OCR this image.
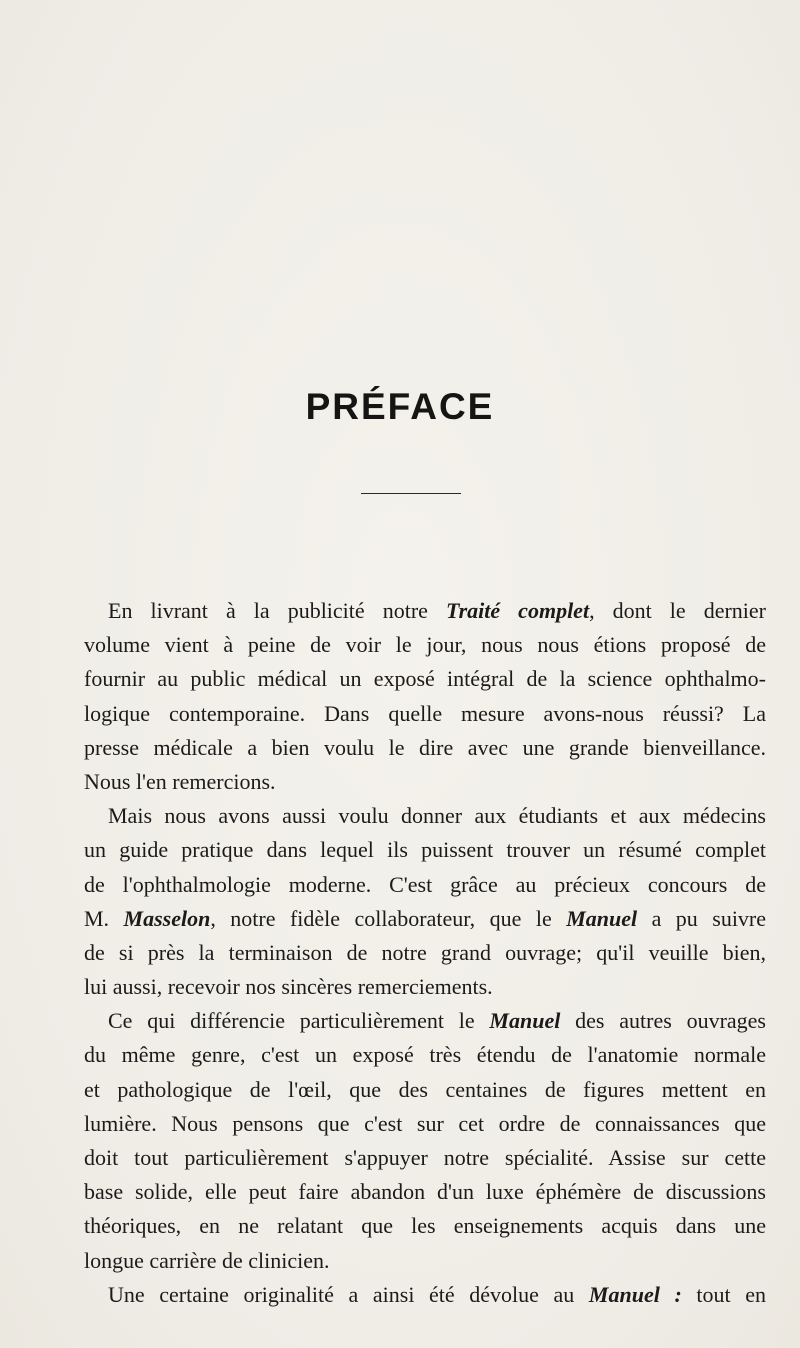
PRÉFACE
En livrant à la publicité notre Traité complet, dont le dernier
volume vient à peine de voir le jour, nous nous étions proposé de
fournir au public médical un exposé intégral de la science ophthalmo-
logique contemporaine. Dans quelle mesure avons-nous réussi? La
presse médicale a bien voulu le dire avec une grande bienveillance.
Nous l'en remercions.
Mais nous avons aussi voulu donner aux étudiants et aux médecins
un guide pratique dans lequel ils puissent trouver un résumé complet
de l'ophthalmologie moderne. C'est grâce au précieux concours de
M. Masselon, notre fidèle collaborateur, que le Manuel a pu suivre
de si près la terminaison de notre grand ouvrage; qu'il veuille bien,
lui aussi, recevoir nos sincères remerciements.
Ce qui différencie particulièrement le Manuel des autres ouvrages
du même genre, c'est un exposé très étendu de l'anatomie normale
et pathologique de l'œil, que des centaines de figures mettent en
lumière. Nous pensons que c'est sur cet ordre de connaissances que
doit tout particulièrement s'appuyer notre spécialité. Assise sur cette
base solide, elle peut faire abandon d'un luxe éphémère de discussions
théoriques, en ne relatant que les enseignements acquis dans une
longue carrière de clinicien.
Une certaine originalité a ainsi été dévolue au Manuel : tout en
